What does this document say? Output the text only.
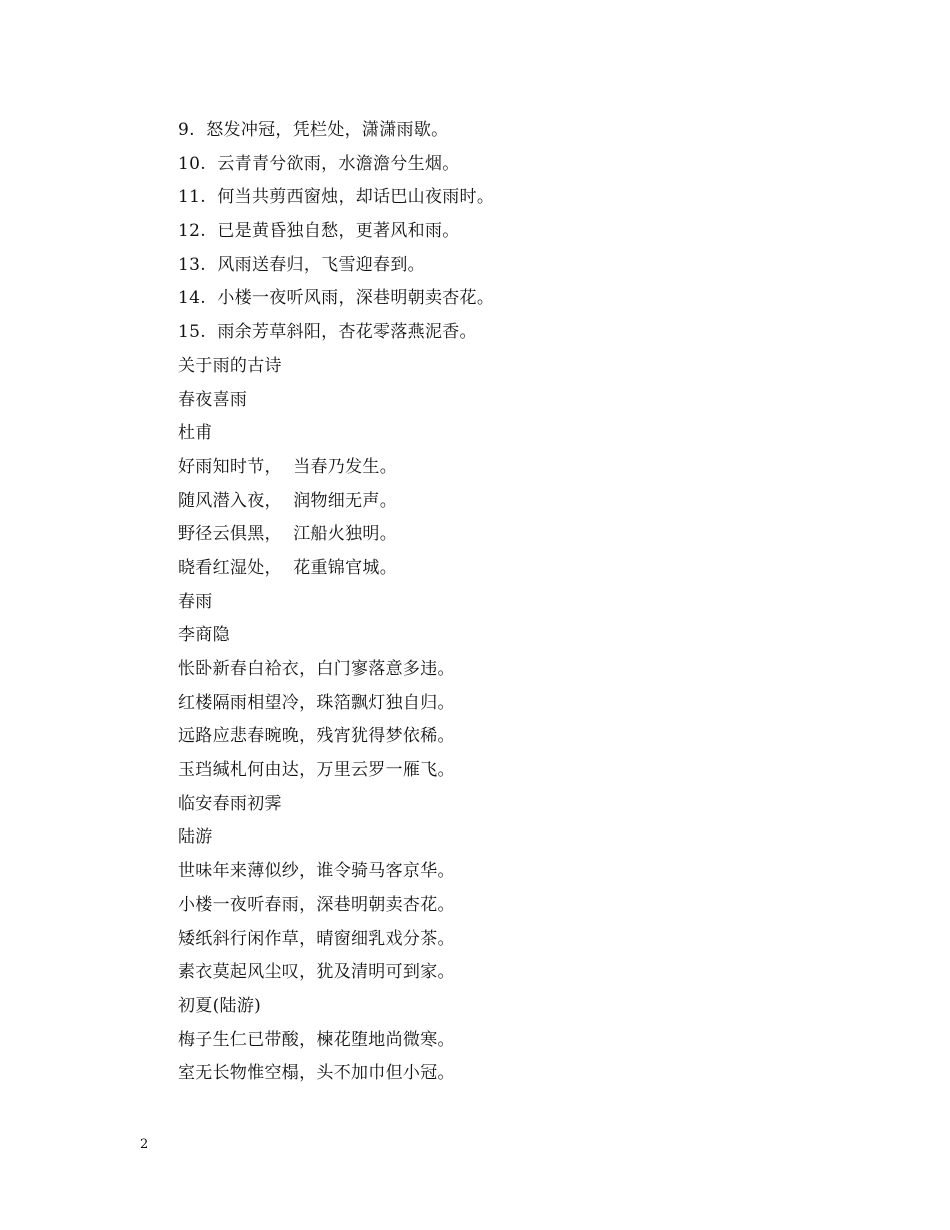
9.  怒发冲冠，凭栏处，潇潇雨歇。
10.  云青青兮欲雨，水澹澹兮生烟。
11.  何当共剪西窗烛，却话巴山夜雨时。
12.  已是黄昏独自愁，更著风和雨。
13.  风雨送春归，飞雪迎春到。
14.  小楼一夜听风雨，深巷明朝卖杏花。
15.  雨余芳草斜阳，杏花零落燕泥香。
关于雨的古诗
春夜喜雨
杜甫
好雨知时节，  当春乃发生。
随风潜入夜，  润物细无声。
野径云俱黑，  江船火独明。
晓看红湿处，  花重锦官城。
春雨
李商隐
怅卧新春白袷衣，白门寥落意多违。
红楼隔雨相望冷，珠箔飘灯独自归。
远路应悲春晼晚，残宵犹得梦依稀。
玉珰缄札何由达，万里云罗一雁飞。
临安春雨初霁
陆游
世味年来薄似纱，谁令骑马客京华。
小楼一夜听春雨，深巷明朝卖杏花。
矮纸斜行闲作草，晴窗细乳戏分茶。
素衣莫起风尘叹，犹及清明可到家。
初夏(陆游)
梅子生仁已带酸，楝花堕地尚微寒。
室无长物惟空榻，头不加巾但小冠。
2
